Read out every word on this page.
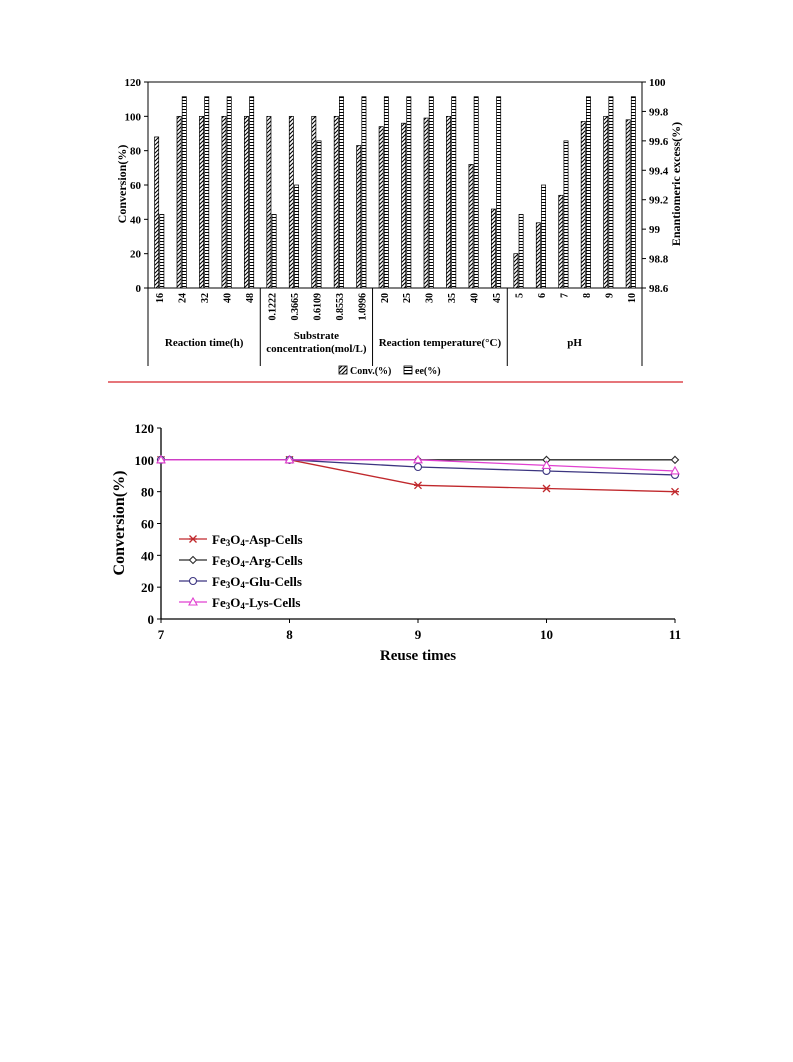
0
20
40
60
80
100
120
98.6
98.8
99
99.2
99.4
99.6
99.8
100
16 24 32 40 48 0.1222 0.3665 0.6109 0.8553 1.0996 20 25 30 35 40 45 5 6 7 8 9 10
Reaction time(h)
Substrate
concentration(mol/L) Reaction temperature(°C)	pH
Conversion(%)	Enantiomeric excess(%)
Conv.(%) ee(%)
0
20
40
60
80
100
120
7	8	9	10	11
Conversion(%)
Reuse times
Fe3O4-Asp-Cells
Fe3O4-Arg-Cells
Fe3O4-Glu-Cells
Fe3O4-Lys-Cells
